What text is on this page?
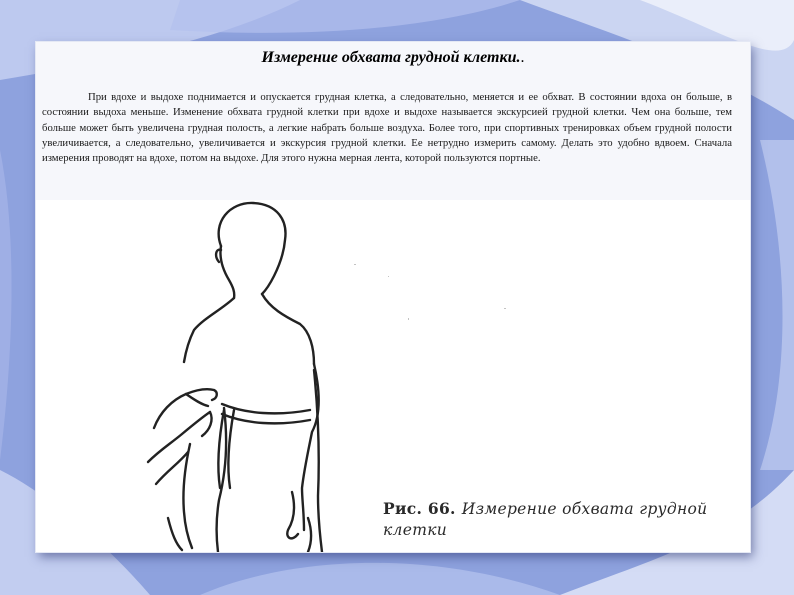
Измерение обхвата грудной клетки..

При вдохе и выдохе поднимается и опускается грудная клетка, а следовательно, меняется и ее обхват. В состоянии вдоха он больше, в состоянии выдоха меньше. Изменение обхвата грудной клетки при вдохе и выдохе называется экскурсией грудной клетки. Чем она больше, тем больше может быть увеличена грудная полость, а легкие набрать больше воздуха. Более того, при спортивных тренировках объем грудной полости увеличивается, а следовательно, увеличивается и экскурсия грудной клетки. Ее нетрудно измерить самому. Делать это удобно вдвоем. Сначала измерения проводят на вдохе, потом на выдохе. Для этого нужна мерная лента, которой пользуются портные.

Рис. 66. Измерение обхвата грудной клетки
